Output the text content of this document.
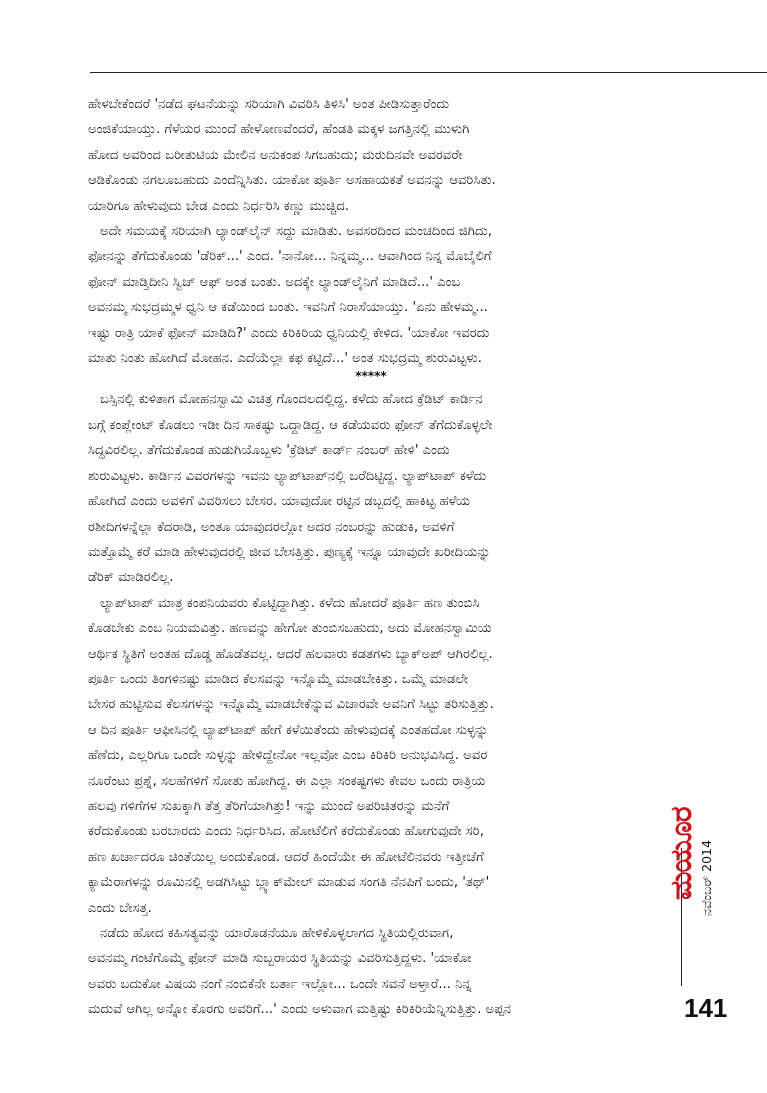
ಹೇಳಬೇಕೆಂದರೆ 'ನಡೆದ ಘಟನೆಯನ್ನು ಸರಿಯಾಗಿ ವಿವರಿಸಿ ತಿಳಿಸಿ' ಅಂತ ಪೀಡಿಸುತ್ತಾರೆಂದು
ಅಂಜಿಕೆಯಾಯ್ತು. ಗೆಳೆಯರ ಮುಂದೆ ಹೇಳೋಣವೆಂದರೆ, ಹೆಂಡತಿ ಮಕ್ಕಳ ಜಗತ್ತಿನಲ್ಲಿ ಮುಳುಗಿ
ಹೋದ ಅವರಿಂದ ಬರೀತುಟಿಯ ಮೇಲಿನ ಅನುಕಂಪ ಸಿಗಬಹುದು; ಮರುದಿನವೇ ಅವರವರೇ
ಆಡಿಕೊಂಡು ನಗಲೂಬಹುದು ಎಂದೆನ್ನಿಸಿತು. ಯಾಕೋ ಪೂರ್ತಿ ಅಸಹಾಯಕತೆ ಅವನನ್ನು ಆವರಿಸಿತು.
ಯಾರಿಗೂ ಹೇಳುವುದು ಬೇಡ ಎಂದು ನಿರ್ಧರಿಸಿ ಕಣ್ಣು ಮುಚ್ಚಿದ.

ಅದೇ ಸಮಯಕ್ಕೆ ಸರಿಯಾಗಿ ಲ್ಯಾಂಡ್‌ಲೈನ್ ಸದ್ದು ಮಾಡಿತು. ಅವಸರದಿಂದ ಮಂಚದಿಂದ ಜಿಗಿದು,
ಫೋನನ್ನು ತೆಗೆದುಕೊಂಡು 'ಡೆರಿಕ್...' ಎಂದ. 'ನಾನೋ... ನಿನ್ನಮ್ಮ... ಆವಾಗಿಂದ ನಿನ್ನ ಮೊಬೈಲಿಗೆ
ಫೋನ್ ಮಾಡ್ತಿದೀನಿ ಸ್ವಿಚ್ ಆಫ್ ಅಂತ ಬಂತು. ಅದಕ್ಕೇ ಲ್ಯಾಂಡ್‌ಲೈನಿಗೆ ಮಾಡಿದೆ...' ಎಂಬ
ಅವನಮ್ಮ ಸುಭದ್ರಮ್ಮಳ ಧ್ವನಿ ಆ ಕಡೆಯಿಂದ ಬಂತು. ಇವನಿಗೆ ನಿರಾಸೆಯಾಯ್ತು. 'ಏನು ಹೇಳಮ್ಮ...
ಇಷ್ಟು ರಾತ್ರಿ ಯಾಕೆ ಫೋನ್ ಮಾಡಿದಿ?' ಎಂದು ಕಿರಿಕಿರಿಯ ಧ್ವನಿಯಲ್ಲಿ ಕೇಳಿದ. 'ಯಾಕೋ ಇವರದು
ಮಾತು ನಿಂತು ಹೋಗಿದೆ ಮೋಹನ. ಎದೆಯೆಲ್ಲಾ ಕಫ ಕಟ್ಟಿದೆ...' ಅಂತ ಸುಭದ್ರಮ್ಮ ಶುರುವಿಟ್ಟಳು.

*****

ಬಸ್ಸಿನಲ್ಲಿ ಕುಳಿತಾಗ ಮೋಹನಸ್ವಾಮಿ ವಿಚಿತ್ರ ಗೊಂದಲದಲ್ಲಿದ್ದ. ಕಳೆದು ಹೋದ ಕ್ರೆಡಿಟ್ ಕಾರ್ಡಿನ
ಬಗ್ಗೆ ಕಂಪ್ಲೇಂಟ್ ಕೊಡಲು ಇಡೀ ದಿನ ಸಾಕಷ್ಟು ಒದ್ದಾಡಿದ್ದ. ಆ ಕಡೆಯವರು ಫೋನ್ ತೆಗೆದುಕೊಳ್ಳಲೇ
ಸಿದ್ಧವಿರಲಿಲ್ಲ. ತೆಗೆದುಕೊಂಡ ಹುಡುಗಿಯೊಬ್ಬಳು 'ಕ್ರೆಡಿಟ್ ಕಾರ್ಡ್ ನಂಬರ್ ಹೇಳಿ' ಎಂದು
ಶುರುವಿಟ್ಟಳು. ಕಾರ್ಡಿನ ವಿವರಗಳನ್ನು ಇವನು ಲ್ಯಾಪ್‌ಟಾಪ್‌ನಲ್ಲಿ ಬರೆದಿಟ್ಟಿದ್ದ. ಲ್ಯಾಪ್‌ಟಾಪ್ ಕಳೆದು
ಹೋಗಿದೆ ಎಂದು ಅವಳಿಗೆ ವಿವರಿಸಲು ಬೇಸರ. ಯಾವುದೋ ರಟ್ಟಿನ ಡಬ್ಬದಲ್ಲಿ ಹಾಕಿಟ್ಟ ಹಳೆಯ
ರಶೀದಿಗಳನ್ನೆಲ್ಲಾ ಕೆದರಾಡಿ, ಅಂತೂ ಯಾವುದರಲ್ಲೋ ಅದರ ನಂಬರನ್ನು ಹುಡುಕಿ, ಅವಳಿಗೆ
ಮತ್ತೊಮ್ಮೆ ಕರೆ ಮಾಡಿ ಹೇಳುವುದರಲ್ಲಿ ಜೀವ ಬೇಸತ್ತಿತ್ತು. ಪುಣ್ಯಕ್ಕೆ ಇನ್ನೂ ಯಾವುದೇ ಖರೀದಿಯನ್ನು
ಡೆರಿಕ್ ಮಾಡಿರಲಿಲ್ಲ.

ಲ್ಯಾಪ್‌ಟಾಪ್ ಮಾತ್ರ ಕಂಪನಿಯವರು ಕೊಟ್ಟಿದ್ದಾಗಿತ್ತು. ಕಳೆದು ಹೋದರೆ ಪೂರ್ತಿ ಹಣ ತುಂಬಿಸಿ
ಕೊಡಬೇಕು ಎಂಬ ನಿಯಮವಿತ್ತು. ಹಣವನ್ನು ಹೇಗೋ ತುಂಬಿಸಬಹುದು, ಅದು ಮೋಹನಸ್ವಾಮಿಯ
ಆರ್ಥಿಕ ಸ್ಥಿತಿಗೆ ಅಂತಹ ದೊಡ್ಡ ಹೊಡೆತವಲ್ಲ. ಆದರೆ ಹಲವಾರು ಕಡತಗಳು ಬ್ಯಾಕ್‌ಅಪ್ ಆಗಿರಲಿಲ್ಲ.
ಪೂರ್ತಿ ಒಂದು ತಿಂಗಳಿನಷ್ಟು ಮಾಡಿದ ಕೆಲಸವನ್ನು ಇನ್ನೊಮ್ಮೆ ಮಾಡಬೇಕಿತ್ತು. ಒಮ್ಮೆ ಮಾಡಲೇ
ಬೇಸರ ಹುಟ್ಟಿಸುವ ಕೆಲಸಗಳನ್ನು ಇನ್ನೊಮ್ಮೆ ಮಾಡಬೇಕೆನ್ನುವ ವಿಚಾರವೇ ಅವನಿಗೆ ಸಿಟ್ಟು ತರಿಸುತ್ತಿತ್ತು.
ಆ ದಿನ ಪೂರ್ತಿ ಆಫೀಸಿನಲ್ಲಿ ಲ್ಯಾಪ್‌ಟಾಪ್ ಹೇಗೆ ಕಳೆಯಿತೆಂದು ಹೇಳುವುದಕ್ಕೆ ಎಂತಹದೋ ಸುಳ್ಳನ್ನು
ಹೆಣೆದು, ಎಲ್ಲರಿಗೂ ಒಂದೇ ಸುಳ್ಳನ್ನು ಹೇಳಿದ್ದೇನೋ ಇಲ್ಲವೋ ಎಂಬ ಕಿರಿಕಿರಿ ಅನುಭವಿಸಿದ್ದ. ಅವರ
ನೂರೆಂಟು ಪ್ರಶ್ನೆ, ಸಲಹೆಗಳಿಗೆ ಸೋತು ಹೋಗಿದ್ದ. ಈ ಎಲ್ಲಾ ಸಂಕಷ್ಟಗಳು ಕೇವಲ ಒಂದು ರಾತ್ರಿಯ
ಹಲವು ಗಳಿಗೆಗಳ ಸುಖಕ್ಕಾಗಿ ತೆತ್ತ ತೆರಿಗೆಯಾಗಿತ್ತು! ಇನ್ನು ಮುಂದೆ ಅಪರಿಚಿತರನ್ನು ಮನೆಗೆ
ಕರೆದುಕೊಂಡು ಬರಬಾರದು ಎಂದು ನಿರ್ಧರಿಸಿದ. ಹೋಟೆಲಿಗೆ ಕರೆದುಕೊಂಡು ಹೋಗುವುದೇ ಸರಿ,
ಹಣ ಖರ್ಚಾದರೂ ಚಿಂತೆಯಿಲ್ಲ ಅಂದುಕೊಂಡ. ಆದರೆ ಹಿಂದೆಯೇ ಈ ಹೋಟೆಲಿನವರು ಇತ್ತೀಚೆಗೆ
ಕ್ಯಾಮೆರಾಗಳನ್ನು ರೂಮಿನಲ್ಲಿ ಅಡಗಿಸಿಟ್ಟು ಬ್ಲ್ಯಾಕ್‌ಮೇಲ್ ಮಾಡುವ ಸಂಗತಿ ನೆನಪಿಗೆ ಬಂದು, 'ತಥ್'
ಎಂದು ಬೇಸತ್ತ.

ನಡೆದು ಹೋದ ಕಹಿಸತ್ಯವನ್ನು ಯಾರೊಡನೆಯೂ ಹೇಳಿಕೊಳ್ಳಲಾಗದ ಸ್ಥಿತಿಯಲ್ಲಿರುವಾಗ,
ಅವನಮ್ಮ ಗಂಟೆಗೊಮ್ಮೆ ಫೋನ್ ಮಾಡಿ ಸುಬ್ಬರಾಯರ ಸ್ಥಿತಿಯನ್ನು ವಿವರಿಸುತ್ತಿದ್ದಳು. 'ಯಾಕೋ
ಅವರು ಬದುಕೋ ವಿಷಯ ನಂಗೆ ನಂಬಿಕೆನೇ ಬರ್ತಾ ಇಲ್ಲೋ... ಒಂದೇ ಸವನೆ ಅಳ್ತಾರೆ... ನಿನ್ನ
ಮದುವೆ ಆಗಿಲ್ಲ ಅನ್ನೋ ಕೊರಗು ಅವರಿಗೆ...' ಎಂದು ಅಳುವಾಗ ಮತ್ತಿಷ್ಟು ಕಿರಿಕಿರಿಯೆನ್ನಿಸುತ್ತಿತ್ತು. ಅಪ್ಪನ

ಮಯೂರ ನವೆಂಬರ್ 2014
141
